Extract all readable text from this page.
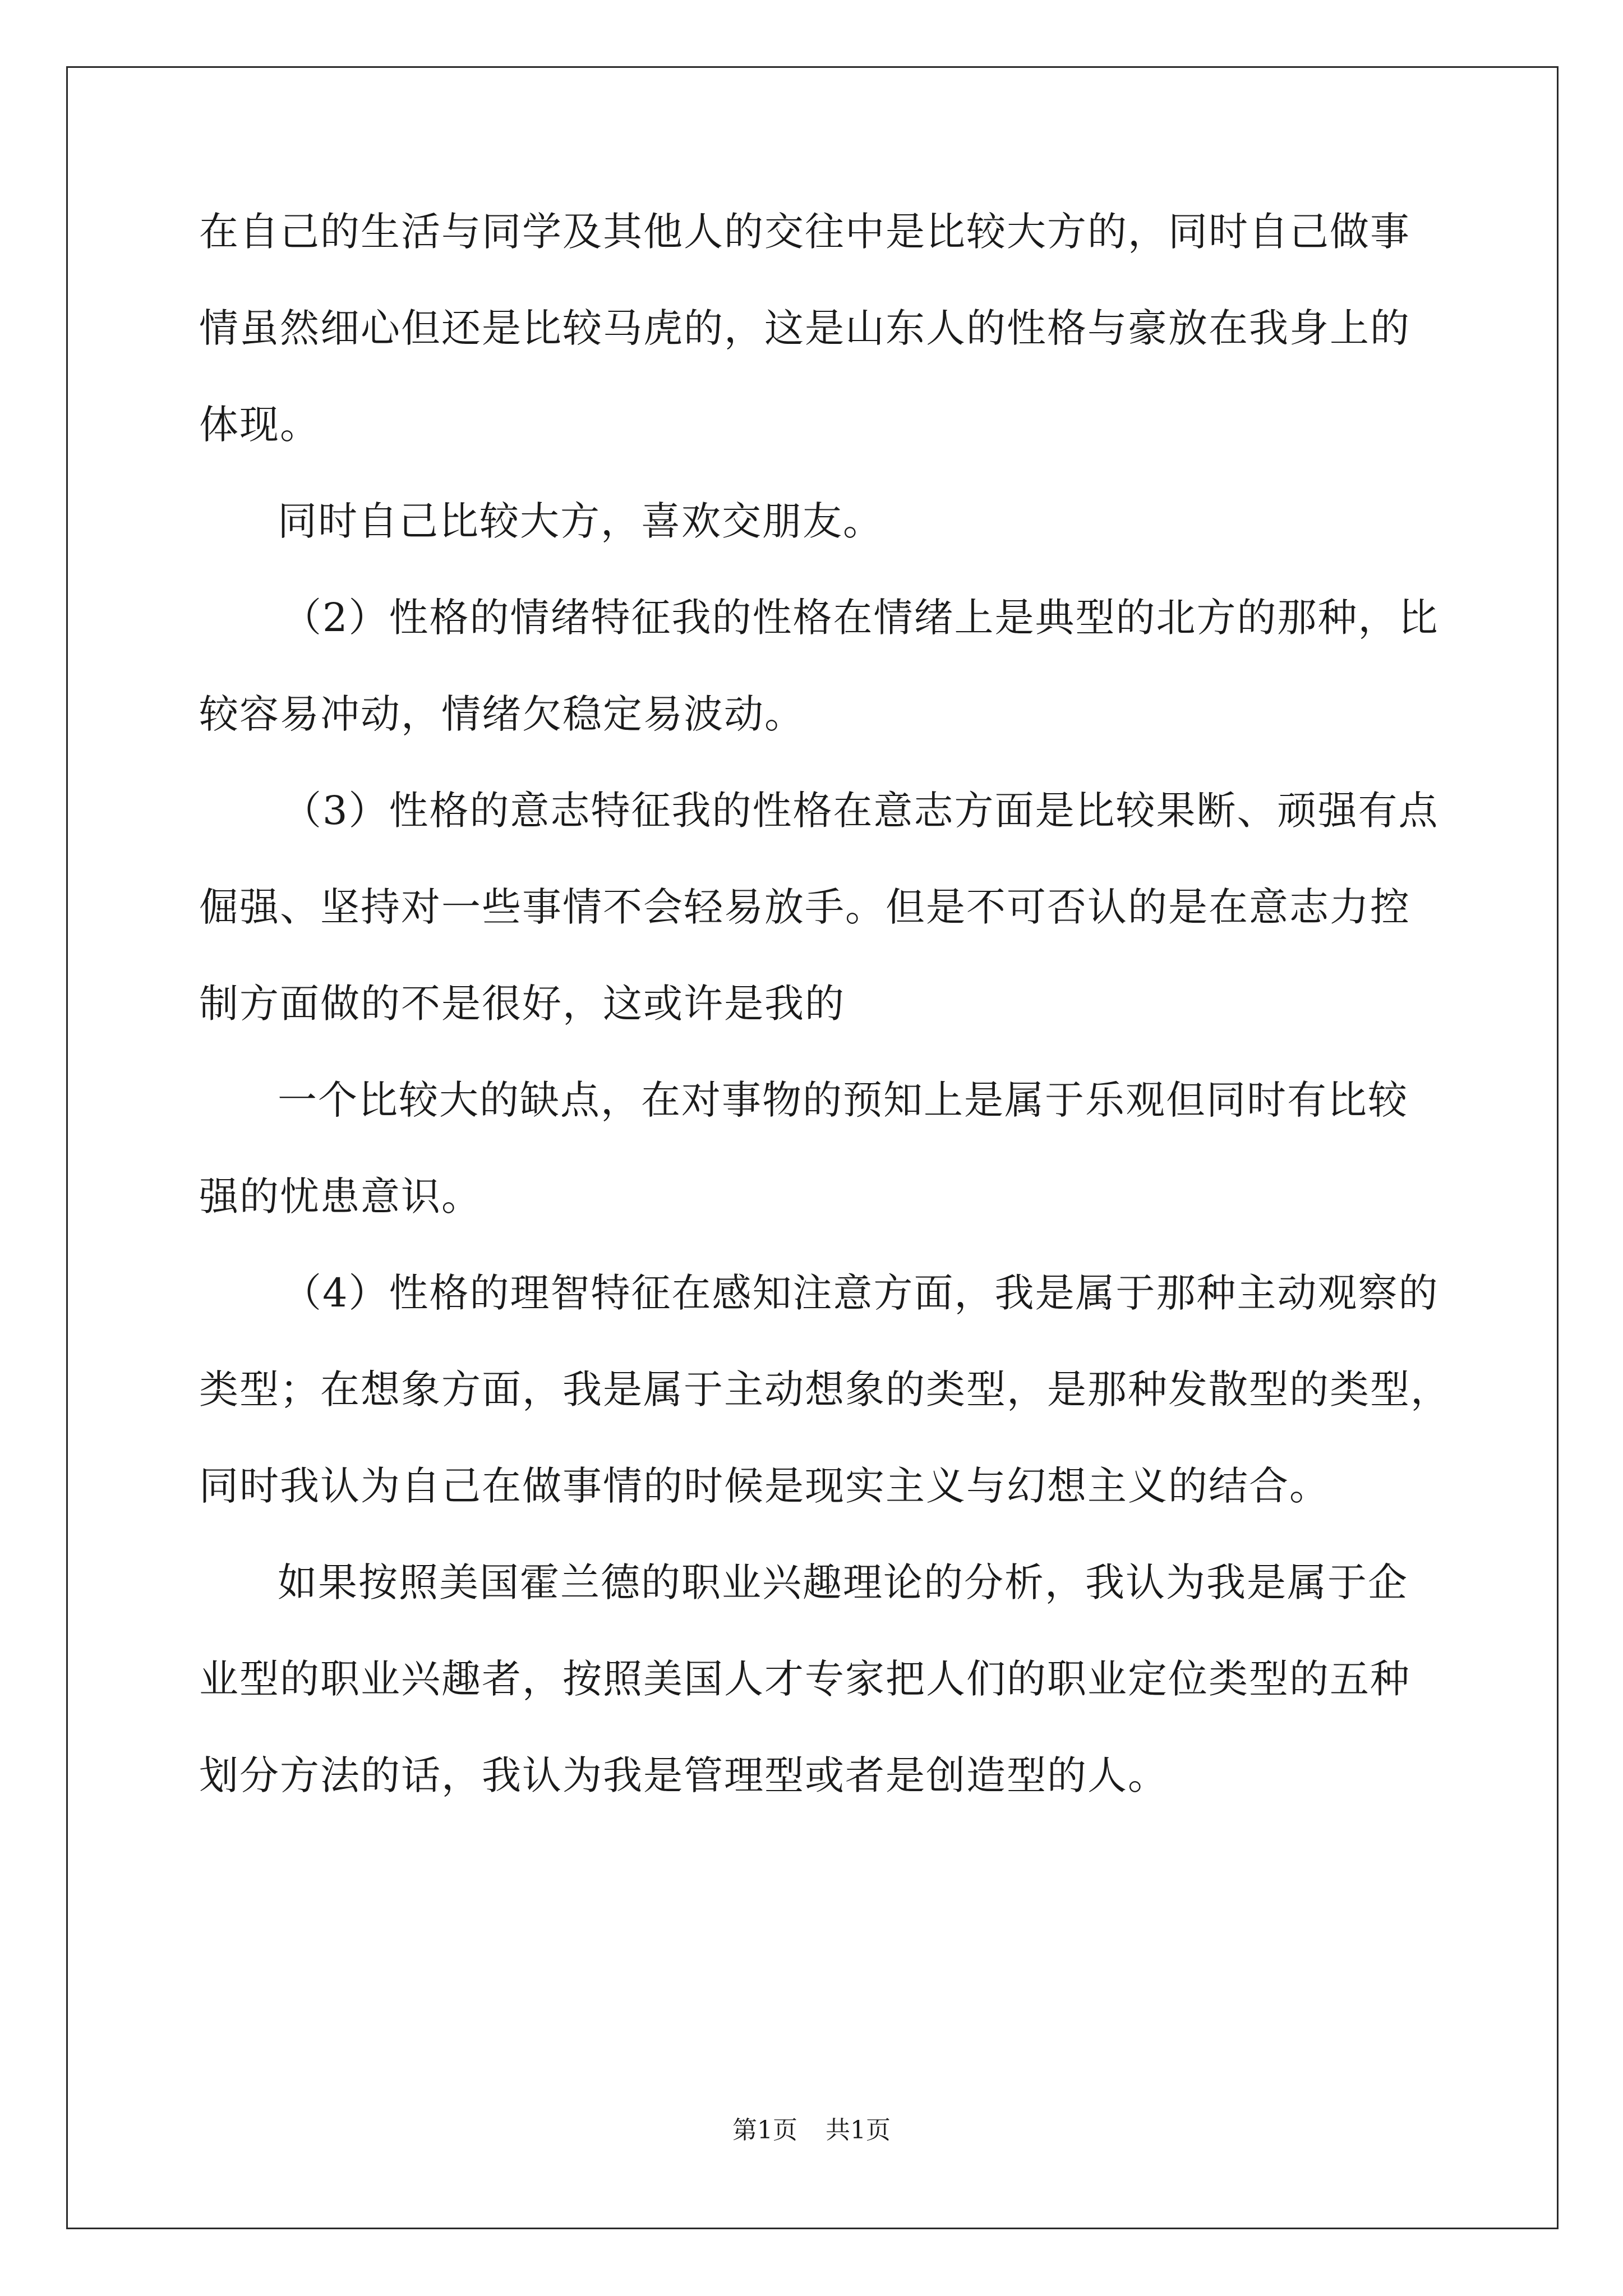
在自己的生活与同学及其他人的交往中是比较大方的，同时自己做事
情虽然细心但还是比较马虎的，这是山东人的性格与豪放在我身上的
体现。
同时自己比较大方，喜欢交朋友。
（2）性格的情绪特征我的性格在情绪上是典型的北方的那种，比
较容易冲动，情绪欠稳定易波动。
（3）性格的意志特征我的性格在意志方面是比较果断、顽强有点
倔强、坚持对一些事情不会轻易放手。但是不可否认的是在意志力控
制方面做的不是很好，这或许是我的
一个比较大的缺点，在对事物的预知上是属于乐观但同时有比较
强的忧患意识。
（4）性格的理智特征在感知注意方面，我是属于那种主动观察的
类型；在想象方面，我是属于主动想象的类型，是那种发散型的类型，
同时我认为自己在做事情的时候是现实主义与幻想主义的结合。
如果按照美国霍兰德的职业兴趣理论的分析，我认为我是属于企
业型的职业兴趣者，按照美国人才专家把人们的职业定位类型的五种
划分方法的话，我认为我是管理型或者是创造型的人。
第1页 共1页
